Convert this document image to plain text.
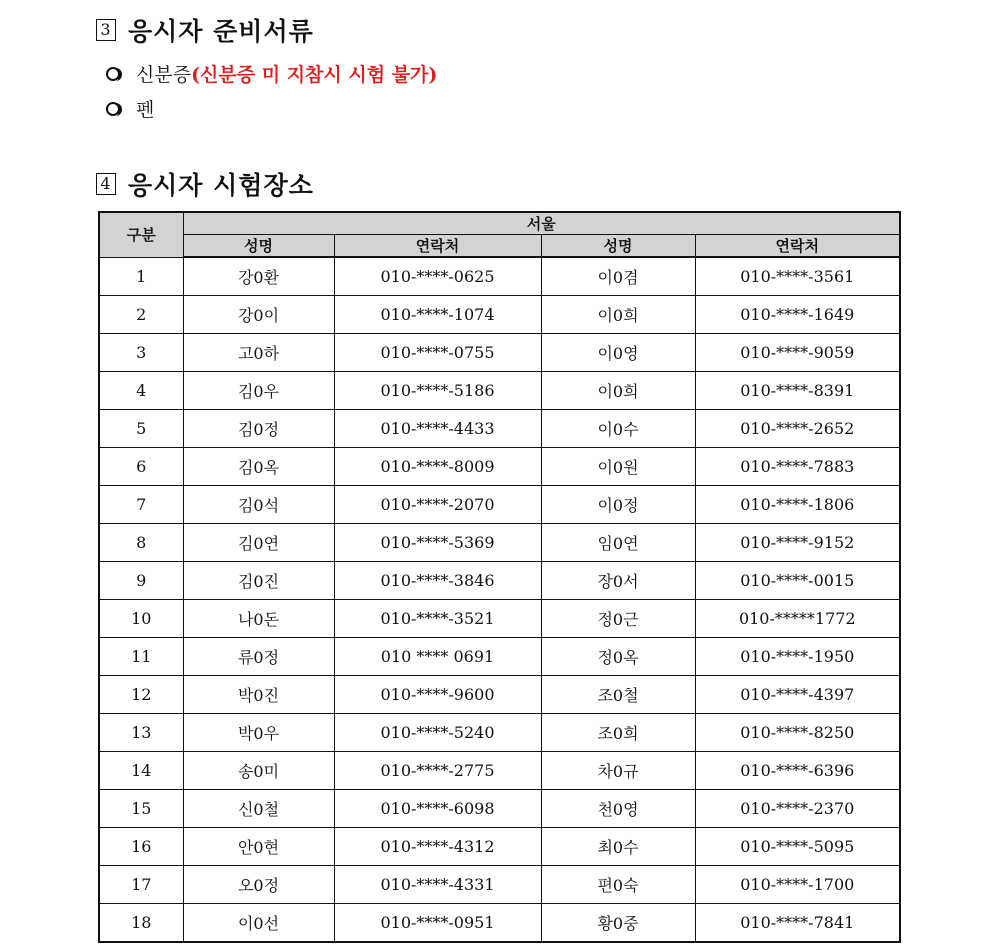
3 응시자 준비서류
신분증 (신분증 미 지참시 시험 불가)
펜
4 응시자 시험장소
구분	서울			
	성명	연락처	성명	연락처
1	강0환	010-****-0625	이0겸	010-****-3561
2	강0이	010-****-1074	이0희	010-****-1649
3	고0하	010-****-0755	이0영	010-****-9059
4	김0우	010-****-5186	이0희	010-****-8391
5	김0정	010-****-4433	이0수	010-****-2652
6	김0옥	010-****-8009	이0원	010-****-7883
7	김0석	010-****-2070	이0정	010-****-1806
8	김0연	010-****-5369	임0연	010-****-9152
9	김0진	010-****-3846	장0서	010-****-0015
10	나0돈	010-****-3521	정0근	010-*****1772
11	류0정	010 **** 0691	정0옥	010-****-1950
12	박0진	010-****-9600	조0철	010-****-4397
13	박0우	010-****-5240	조0희	010-****-8250
14	송0미	010-****-2775	차0규	010-****-6396
15	신0철	010-****-6098	천0영	010-****-2370
16	안0현	010-****-4312	최0수	010-****-5095
17	오0정	010-****-4331	편0숙	010-****-1700
18	이0선	010-****-0951	황0중	010-****-7841
